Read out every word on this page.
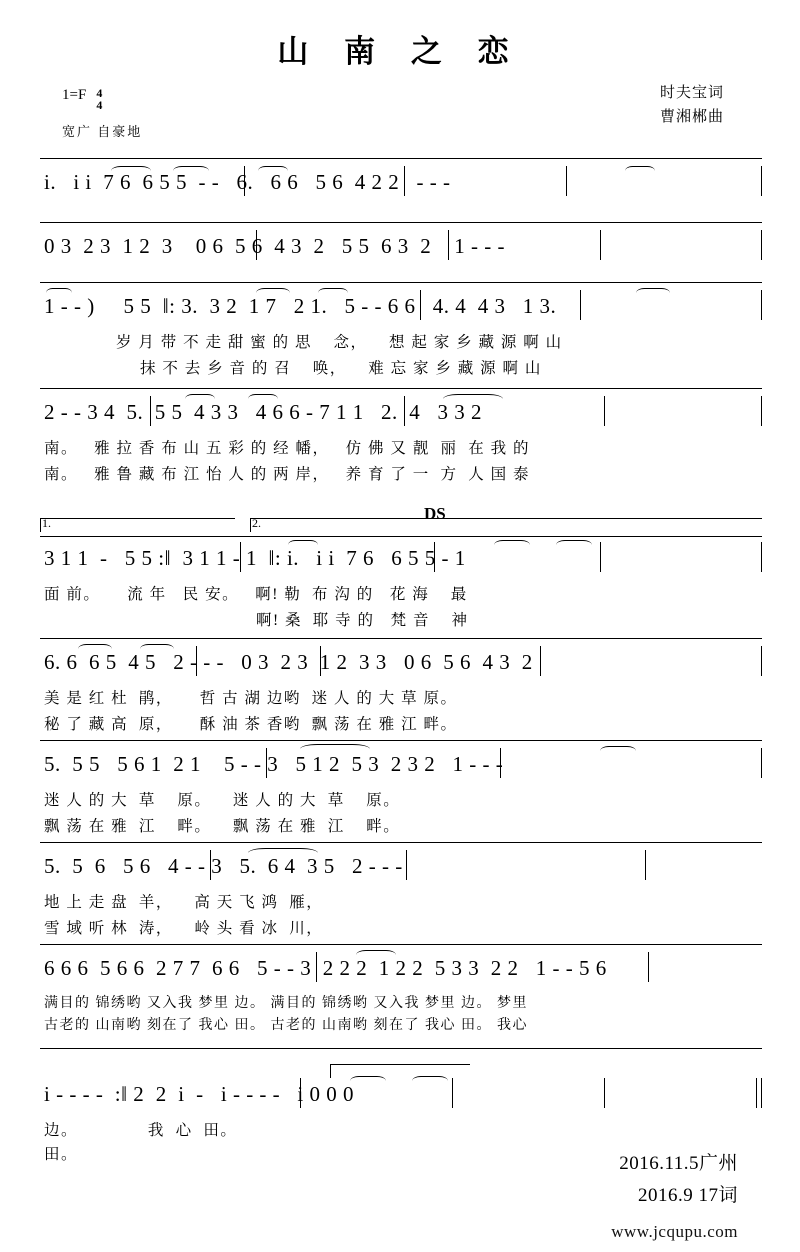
山 南 之 恋
1=F 4
4
宽广 自豪地
时夫宝词
曹湘郴曲
i.   i i  7 6  6 5 5  - -   6.   6 6   5 6  4 2 2   - - -
0 3  2 3  1 2  3    0 6  5 6  4 3  2   5 5  6 3  2    1 - - -
1 - - )     5 5  ‖: 3.  3 2  1 7   2 1.   5 - - 6 6   4. 4  4 3   1 3.
岁 月 带 不 走 甜 蜜 的 思    念，    想 起 家 乡 藏 源 啊 山
抹 不 去 乡 音 的 召    唤，    难 忘 家 乡 藏 源 啊 山
2 - - 3 4  5.  5 5  4 3 3   4 6 6 - 7 1 1   2.  4   3 3 2
南。   雅 拉 香 布 山 五 彩 的 经 幡，   仿 佛 又 靓  丽  在 我 的
南。   雅 鲁 藏 布 江 怡 人 的 两 岸，   养 育 了 一  方  人 国 泰
1.	2.	DS
3 1 1  -   5 5 :‖  3 1 1 - 1  ‖: i.   i i  7 6   6 5 5 - 1
面 前。     流 年   民 安。   啊! 勒  布 沟 的   花 海    最
啊! 桑  耶 寺 的   梵 音    神
6. 6  6 5  4 5   2 - - -   0 3  2 3  1 2  3 3   0 6  5 6  4 3  2
美 是 红 杜  鹃，     哲 古 湖 边哟  迷 人 的 大 草 原。
秘 了 藏 高  原，     酥 油 茶 香哟  飘 荡 在 雅 江 畔。
5.  5 5   5 6 1  2 1    5 - - 3   5 1 2  5 3  2 3 2   1 - - -
迷 人 的 大  草    原。    迷 人 的 大  草    原。
飘 荡 在 雅  江    畔。    飘 荡 在 雅  江    畔。
5.  5  6   5 6   4 - - 3   5.  6 4  3 5   2 - - -
地 上 走 盘  羊，    高 天 飞 鸿  雁，
雪 域 听 林  涛，    岭 头 看 冰  川，
6 6 6  5 6 6  2 7 7  6 6   5 - - 3  2 2 2  1 2 2  5 3 3  2 2   1 - - 5 6
满目的 锦绣哟 又入我 梦里 边。 满目的 锦绣哟 又入我 梦里 边。 梦里
古老的 山南哟 刻在了 我心 田。 古老的 山南哟 刻在了 我心 田。 我心
i - - - -  :‖ 2  2  i  -   i - - - -   i 0 0 0
边。             我  心  田。
田。	2016.11.5广州
2016.9 17词
www.jcqupu.com
